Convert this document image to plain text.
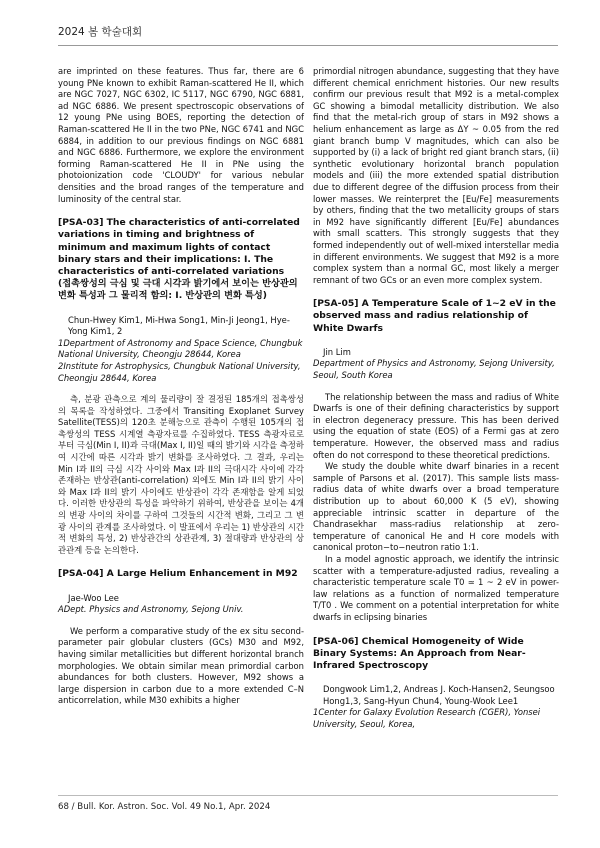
2024 봄 학술대회

are imprinted on these features. Thus far, there are 6 young PNe known to exhibit Raman-scattered He II, which are NGC 7027, NGC 6302, IC 5117, NGC 6790, NGC 6881, ad NGC 6886. We present spectroscopic observations of 12 young PNe using BOES, reporting the detection of Raman-scattered He II in the two PNe, NGC 6741 and NGC 6884, in addition to our previous findings on NGC 6881 and NGC 6886. Furthermore, we explore the environment forming Raman-scattered He II in PNe using the photoionization code 'CLOUDY' for various nebular densities and the broad ranges of the temperature and luminosity of the central star.

[PSA-03] The characteristics of anti-correlated variations in timing and brightness of minimum and maximum lights of contact binary stars and their implications: I. The characteristics of anti-correlated variations
(접촉쌍성의 극심 및 극대 시각과 밝기에서 보이는 반상관의 변화 특성과 그 물리적 함의: I. 반상관의 변화 특성)
Chun-Hwey Kim1, Mi-Hwa Song1, Min-Ji Jeong1, Hye-Yong Kim1, 2
1Department of Astronomy and Space Science, Chungbuk National University, Cheongju 28644, Korea
2Institute for Astrophysics, Chungbuk National University, Cheongju 28644, Korea

측, 분광 관측으로 계의 물리량이 잘 결정된 185개의 접촉쌍성의 목록을 작성하였다. 그중에서 Transiting Exoplanet Survey Satellite(TESS)의 120초 분해능으로 관측이 수행된 105개의 접촉쌍성의 TESS 시계열 측광자료를 수집하였다. TESS 측광자료로부터 극심(Min I, II)과 극대(Max I, II)일 때의 밝기와 시각을 측정하여 시간에 따른 시각과 밝기 변화를 조사하였다. 그 결과, 우리는 Min I과 II의 극심 시각 사이와 Max I과 II의 극대시각 사이에 각각 존재하는 반상관(anti-correlation) 외에도 Min I과 II의 밝기 사이와 Max I과 II의 밝기 사이에도 반상관이 각각 존재함을 알게 되었다. 이러한 반상관의 특성을 파악하기 위하여, 반상관을 보이는 4개의 변광 사이의 차이를 구하여 그것들의 시간적 변화, 그리고 그 변광 사이의 관계를 조사하였다. 이 발표에서 우리는 1) 반상관의 시간적 변화의 특성, 2) 반상관간의 상관관계, 3) 절대량과 반상관의 상관관계 등을 논의한다.

[PSA-04] A Large Helium Enhancement in M92
Jae-Woo Lee
ADept. Physics and Astronomy, Sejong Univ.

We perform a comparative study of the ex situ second-parameter pair globular clusters (GCs) M30 and M92, having similar metallicities but different horizontal branch morphologies. We obtain similar mean primordial carbon abundances for both clusters. However, M92 shows a large dispersion in carbon due to a more extended C–N anticorrelation, while M30 exhibits a higher

primordial nitrogen abundance, suggesting that they have different chemical enrichment histories. Our new results confirm our previous result that M92 is a metal-complex GC showing a bimodal metallicity distribution. We also find that the metal-rich group of stars in M92 shows a helium enhancement as large as ΔY ~ 0.05 from the red giant branch bump V magnitudes, which can also be supported by (i) a lack of bright red giant branch stars, (ii) synthetic evolutionary horizontal branch population models and (iii) the more extended spatial distribution due to different degree of the diffusion process from their lower masses. We reinterpret the [Eu/Fe] measurements by others, finding that the two metallicity groups of stars in M92 have significantly different [Eu/Fe] abundances with small scatters. This strongly suggests that they formed independently out of well-mixed interstellar media in different environments. We suggest that M92 is a more complex system than a normal GC, most likely a merger remnant of two GCs or an even more complex system.

[PSA-05] A Temperature Scale of 1~2 eV in the observed mass and radius relationship of White Dwarfs
Jin Lim
Department of Physics and Astronomy, Sejong University, Seoul, South Korea

The relationship between the mass and radius of White Dwarfs is one of their defining characteristics by support in electron degeneracy pressure. This has been derived using the equation of state (EOS) of a Fermi gas at zero temperature. However, the observed mass and radius often do not correspond to these theoretical predictions.

We study the double white dwarf binaries in a recent sample of Parsons et al. (2017). This sample lists mass-radius data of white dwarfs over a broad temperature distribution up to about 60,000 K (5 eV), showing appreciable intrinsic scatter in departure of the Chandrasekhar mass-radius relationship at zero-temperature of canonical He and H core models with canonical proton−to−neutron ratio 1:1.

In a model agnostic approach, we identify the intrinsic scatter with a temperature-adjusted radius, revealing a characteristic temperature scale T0 ≃ 1 ~ 2 eV in power-law relations as a function of normalized temperature T/T0 . We comment on a potential interpretation for white dwarfs in eclipsing binaries

[PSA-06] Chemical Homogeneity of Wide Binary Systems: An Approach from Near-Infrared Spectroscopy
Dongwook Lim1,2, Andreas J. Koch-Hansen2, Seungsoo Hong1,3, Sang-Hyun Chun4, Young-Wook Lee1
1Center for Galaxy Evolution Research (CGER), Yonsei University, Seoul, Korea,
68 / Bull. Kor. Astron. Soc. Vol. 49 No.1, Apr. 2024
